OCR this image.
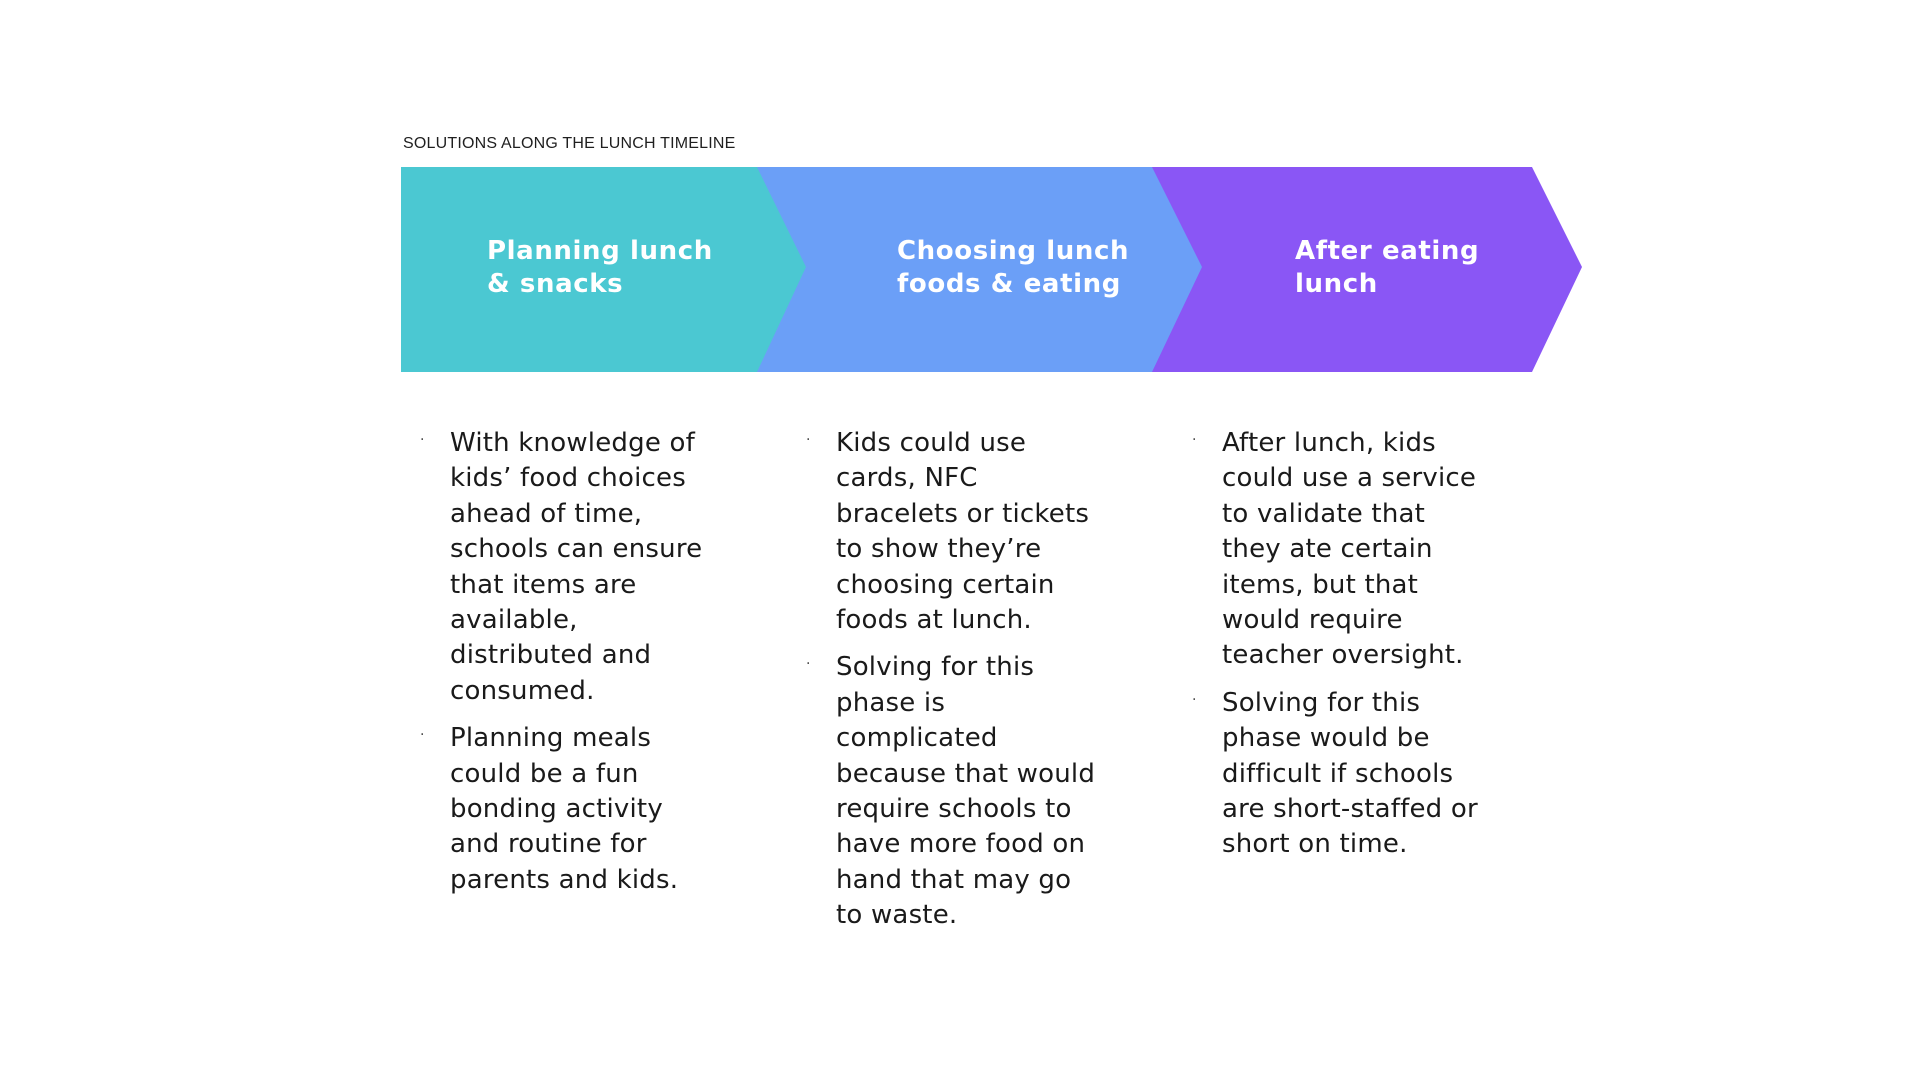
SOLUTIONS ALONG THE LUNCH TIMELINE
Planning lunch
& snacks
Choosing lunch
foods & eating
After eating
lunch
· With knowledge of kids’ food choices ahead of time, schools can ensure that items are available, distributed and consumed.
· Planning meals could be a fun bonding activity and routine for parents and kids.
· Kids could use cards, NFC bracelets or tickets to show they’re choosing certain foods at lunch.
· Solving for this phase is complicated because that would require schools to have more food on hand that may go to waste.
· After lunch, kids could use a service to validate that they ate certain items, but that would require teacher oversight.
· Solving for this phase would be difficult if schools are short-staffed or short on time.
